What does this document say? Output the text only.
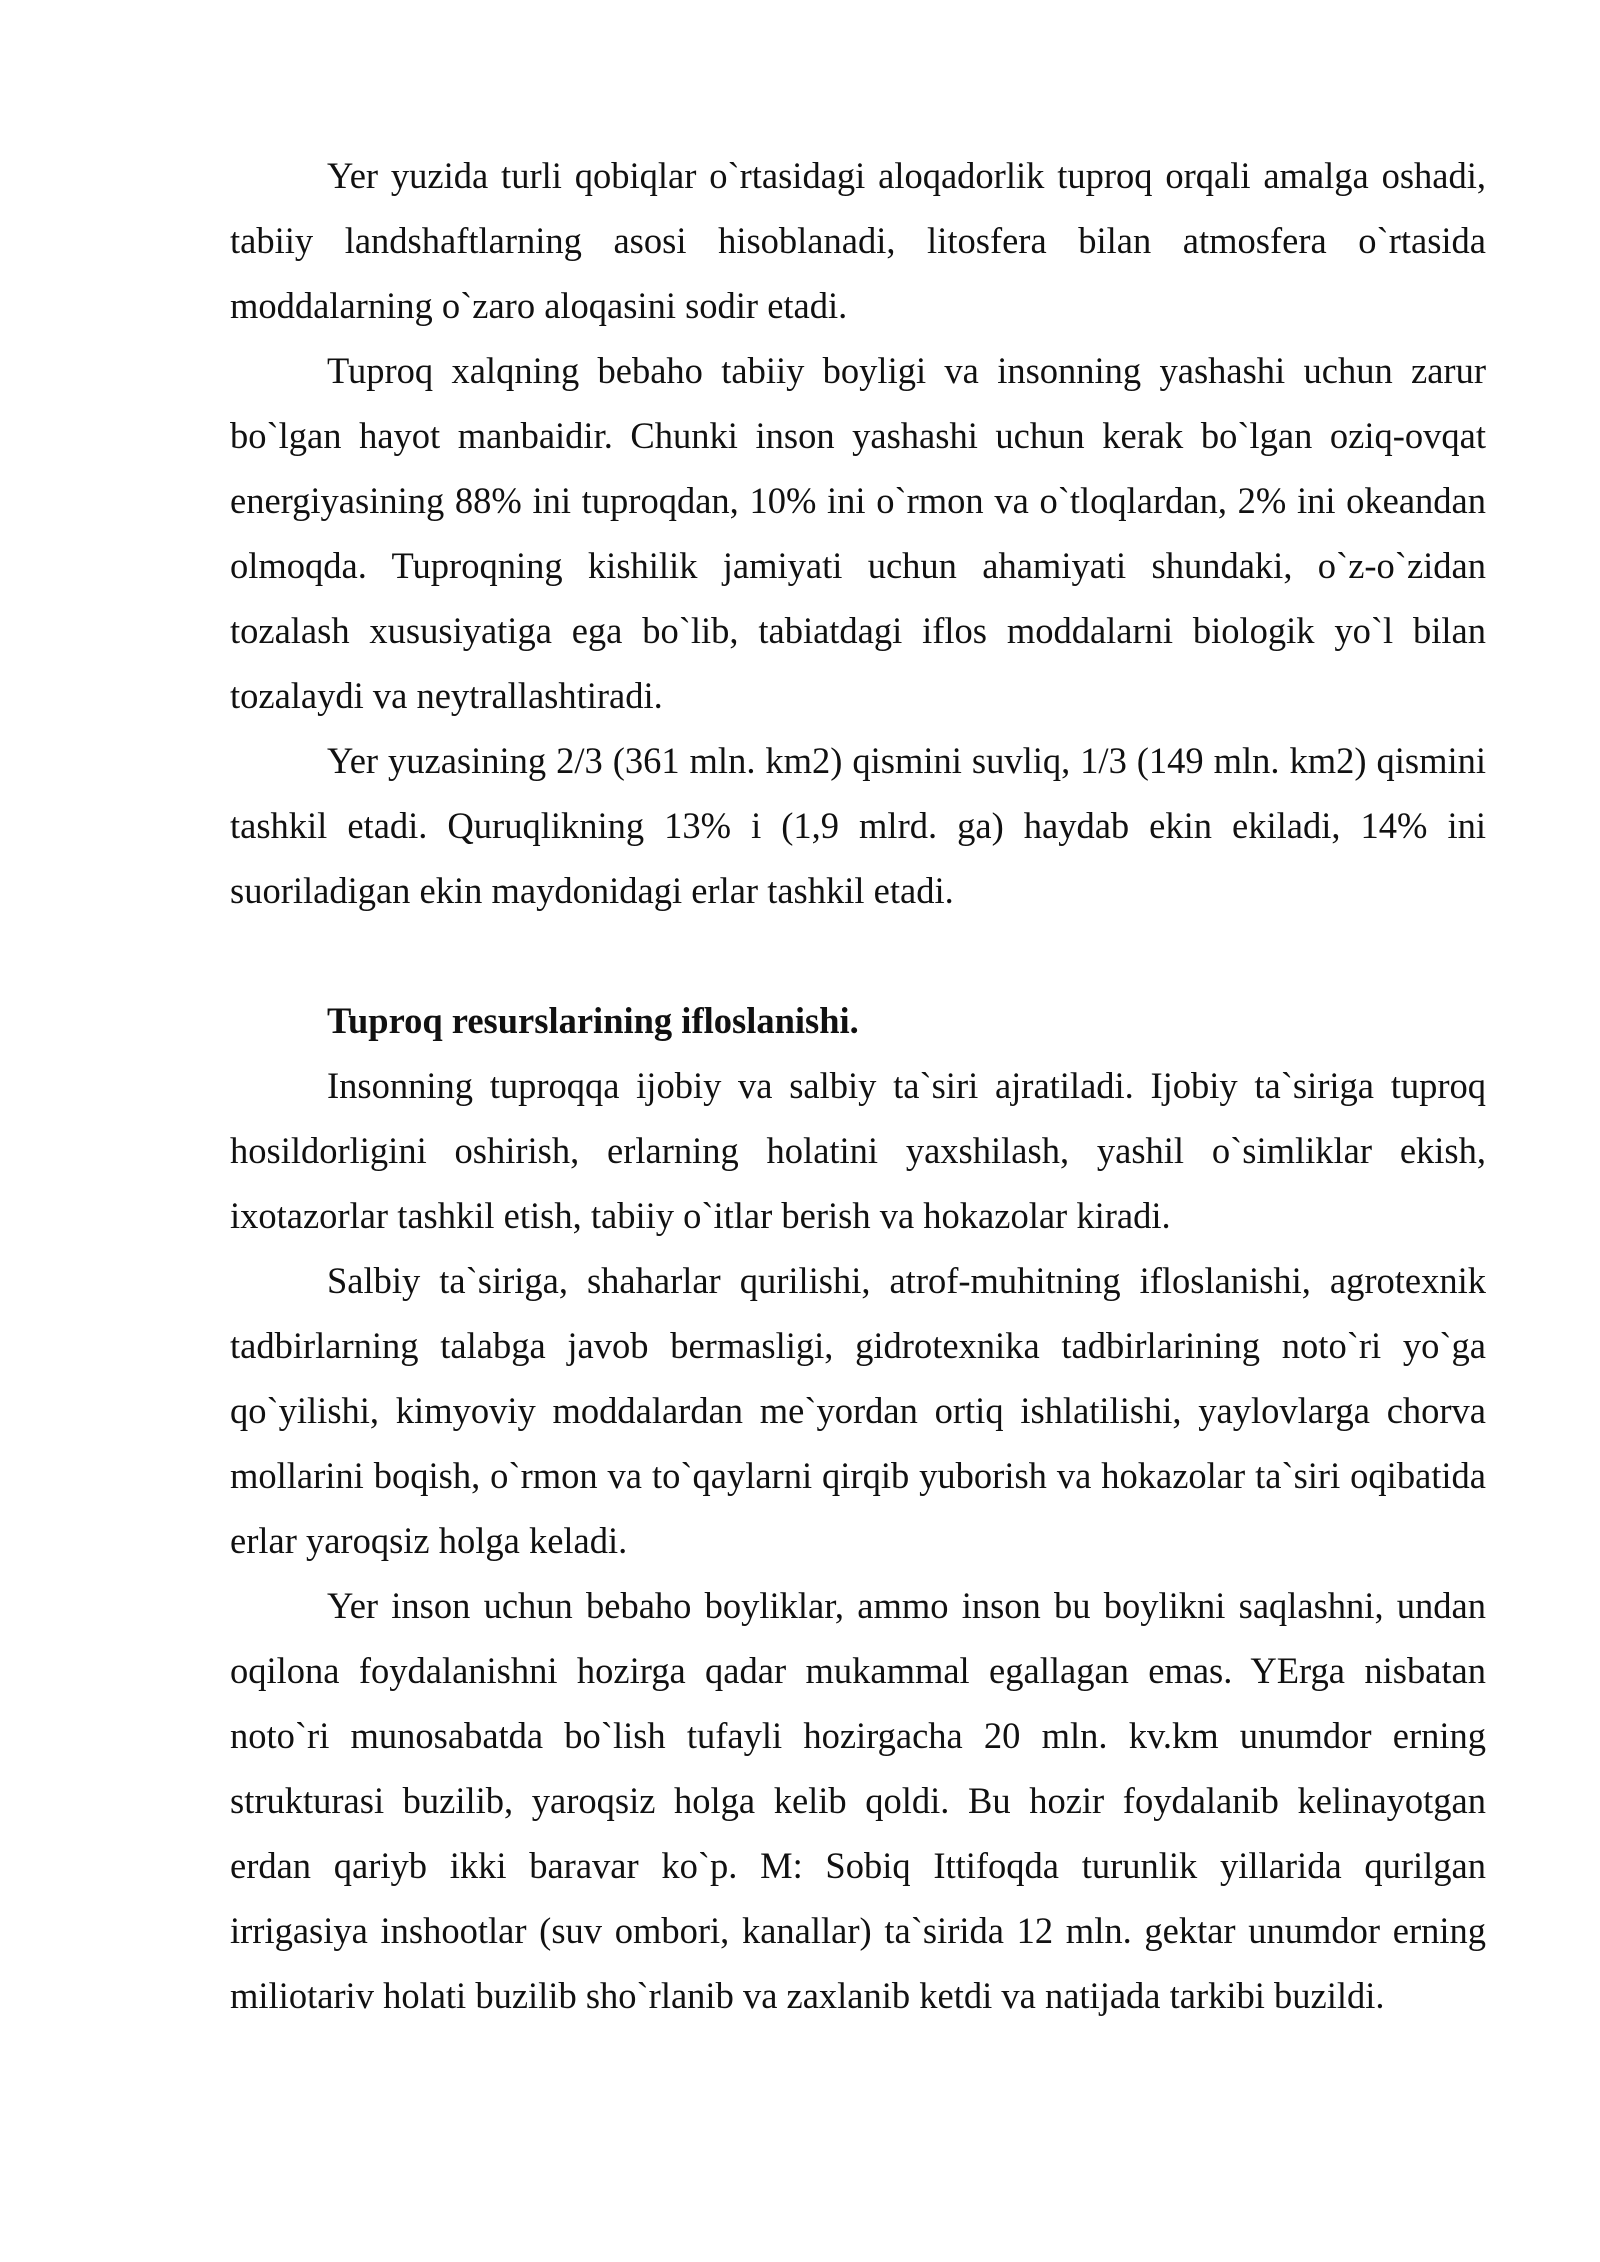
Yer yuzida turli qobiqlar o`rtasidagi aloqadorlik tuproq orqali amalga oshadi, tabiiy landshaftlarning asosi hisoblanadi, litosfera bilan atmosfera o`rtasida moddalarning o`zaro aloqasini sodir etadi.

Tuproq xalqning bebaho tabiiy boyligi va insonning yashashi uchun zarur bo`lgan hayot manbaidir. Chunki inson yashashi uchun kerak bo`lgan oziq-ovqat energiyasining 88% ini tuproqdan, 10% ini o`rmon va o`tloqlardan, 2% ini okeandan olmoqda. Tuproqning kishilik jamiyati uchun ahamiyati shundaki, o`z-o`zidan tozalash xususiyatiga ega bo`lib, tabiatdagi iflos moddalarni biologik yo`l bilan tozalaydi va neytrallashtiradi.

Yer yuzasining 2/3 (361 mln. km2) qismini suvliq, 1/3 (149 mln. km2) qismini tashkil etadi. Quruqlikning 13% i (1,9 mlrd. ga) haydab ekin ekiladi, 14% ini suoriladigan ekin maydonidagi erlar tashkil etadi.

Tuproq resurslarining ifloslanishi.

Insonning tuproqqa ijobiy va salbiy ta`siri ajratiladi. Ijobiy ta`siriga tuproq hosildorligini oshirish, erlarning holatini yaxshilash, yashil o`simliklar ekish, ixotazorlar tashkil etish, tabiiy o`itlar berish va hokazolar kiradi.

Salbiy ta`siriga, shaharlar qurilishi, atrof-muhitning ifloslanishi, agrotexnik tadbirlarning talabga javob bermasligi, gidrotexnika tadbirlarining noto`ri yo`ga qo`yilishi, kimyoviy moddalardan me`yordan ortiq ishlatilishi, yaylovlarga chorva mollarini boqish, o`rmon va to`qaylarni qirqib yuborish va hokazolar ta`siri oqibatida erlar yaroqsiz holga keladi.

Yer inson uchun bebaho boyliklar, ammo inson bu boylikni saqlashni, undan oqilona foydalanishni hozirga qadar mukammal egallagan emas. YErga nisbatan noto`ri munosabatda bo`lish tufayli hozirgacha 20 mln. kv.km unumdor erning strukturasi buzilib, yaroqsiz holga kelib qoldi. Bu hozir foydalanib kelinayotgan erdan qariyb ikki baravar ko`p. M: Sobiq Ittifoqda turunlik yillarida qurilgan irrigasiya inshootlar (suv ombori, kanallar) ta`sirida 12 mln. gektar unumdor erning miliotariv holati buzilib sho`rlanib va zaxlanib ketdi va natijada tarkibi buzildi.
